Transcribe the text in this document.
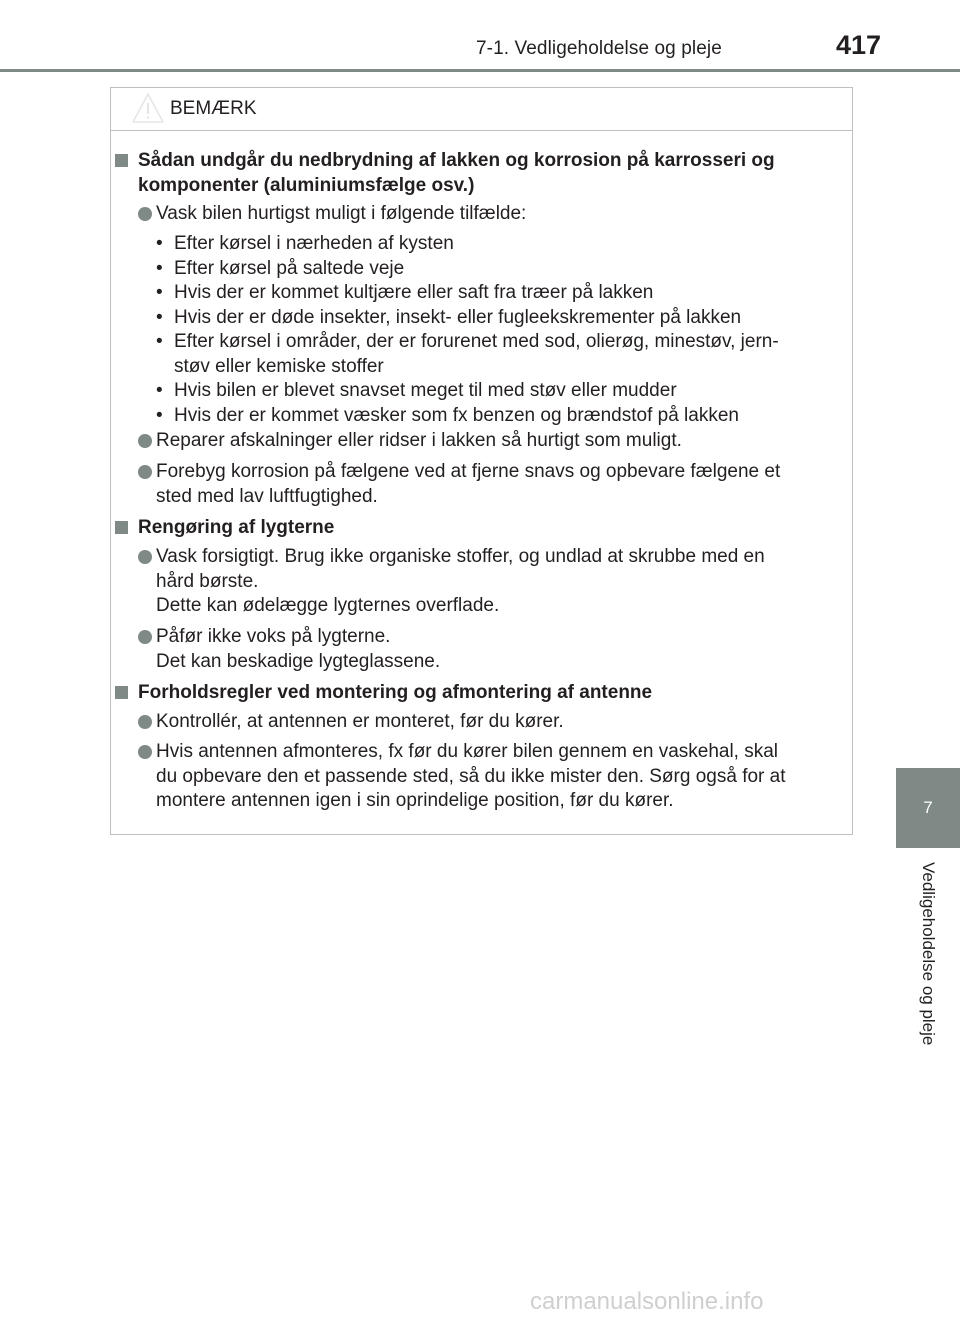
7-1. Vedligeholdelse og pleje	417
7
Vedligeholdelse og pleje
BEMÆRK
Sådan undgår du nedbrydning af lakken og korrosion på karrosseri og
komponenter (aluminiumsfælge osv.)
Vask bilen hurtigst muligt i følgende tilfælde:
• Efter kørsel i nærheden af kysten
• Efter kørsel på saltede veje
• Hvis der er kommet kultjære eller saft fra træer på lakken
• Hvis der er døde insekter, insekt- eller fugleekskrementer på lakken
• Efter kørsel i områder, der er forurenet med sod, olierøg, minestøv, jern-
støv eller kemiske stoffer
• Hvis bilen er blevet snavset meget til med støv eller mudder
• Hvis der er kommet væsker som fx benzen og brændstof på lakken
Reparer afskalninger eller ridser i lakken så hurtigt som muligt.
Forebyg korrosion på fælgene ved at fjerne snavs og opbevare fælgene et
sted med lav luftfugtighed.
Rengøring af lygterne
Vask forsigtigt. Brug ikke organiske stoffer, og undlad at skrubbe med en
hård børste.
Dette kan ødelægge lygternes overflade.
Påfør ikke voks på lygterne.
Det kan beskadige lygteglassene.
Forholdsregler ved montering og afmontering af antenne
Kontrollér, at antennen er monteret, før du kører.
Hvis antennen afmonteres, fx før du kører bilen gennem en vaskehal, skal
du opbevare den et passende sted, så du ikke mister den. Sørg også for at
montere antennen igen i sin oprindelige position, før du kører.
carmanualsonline.info
